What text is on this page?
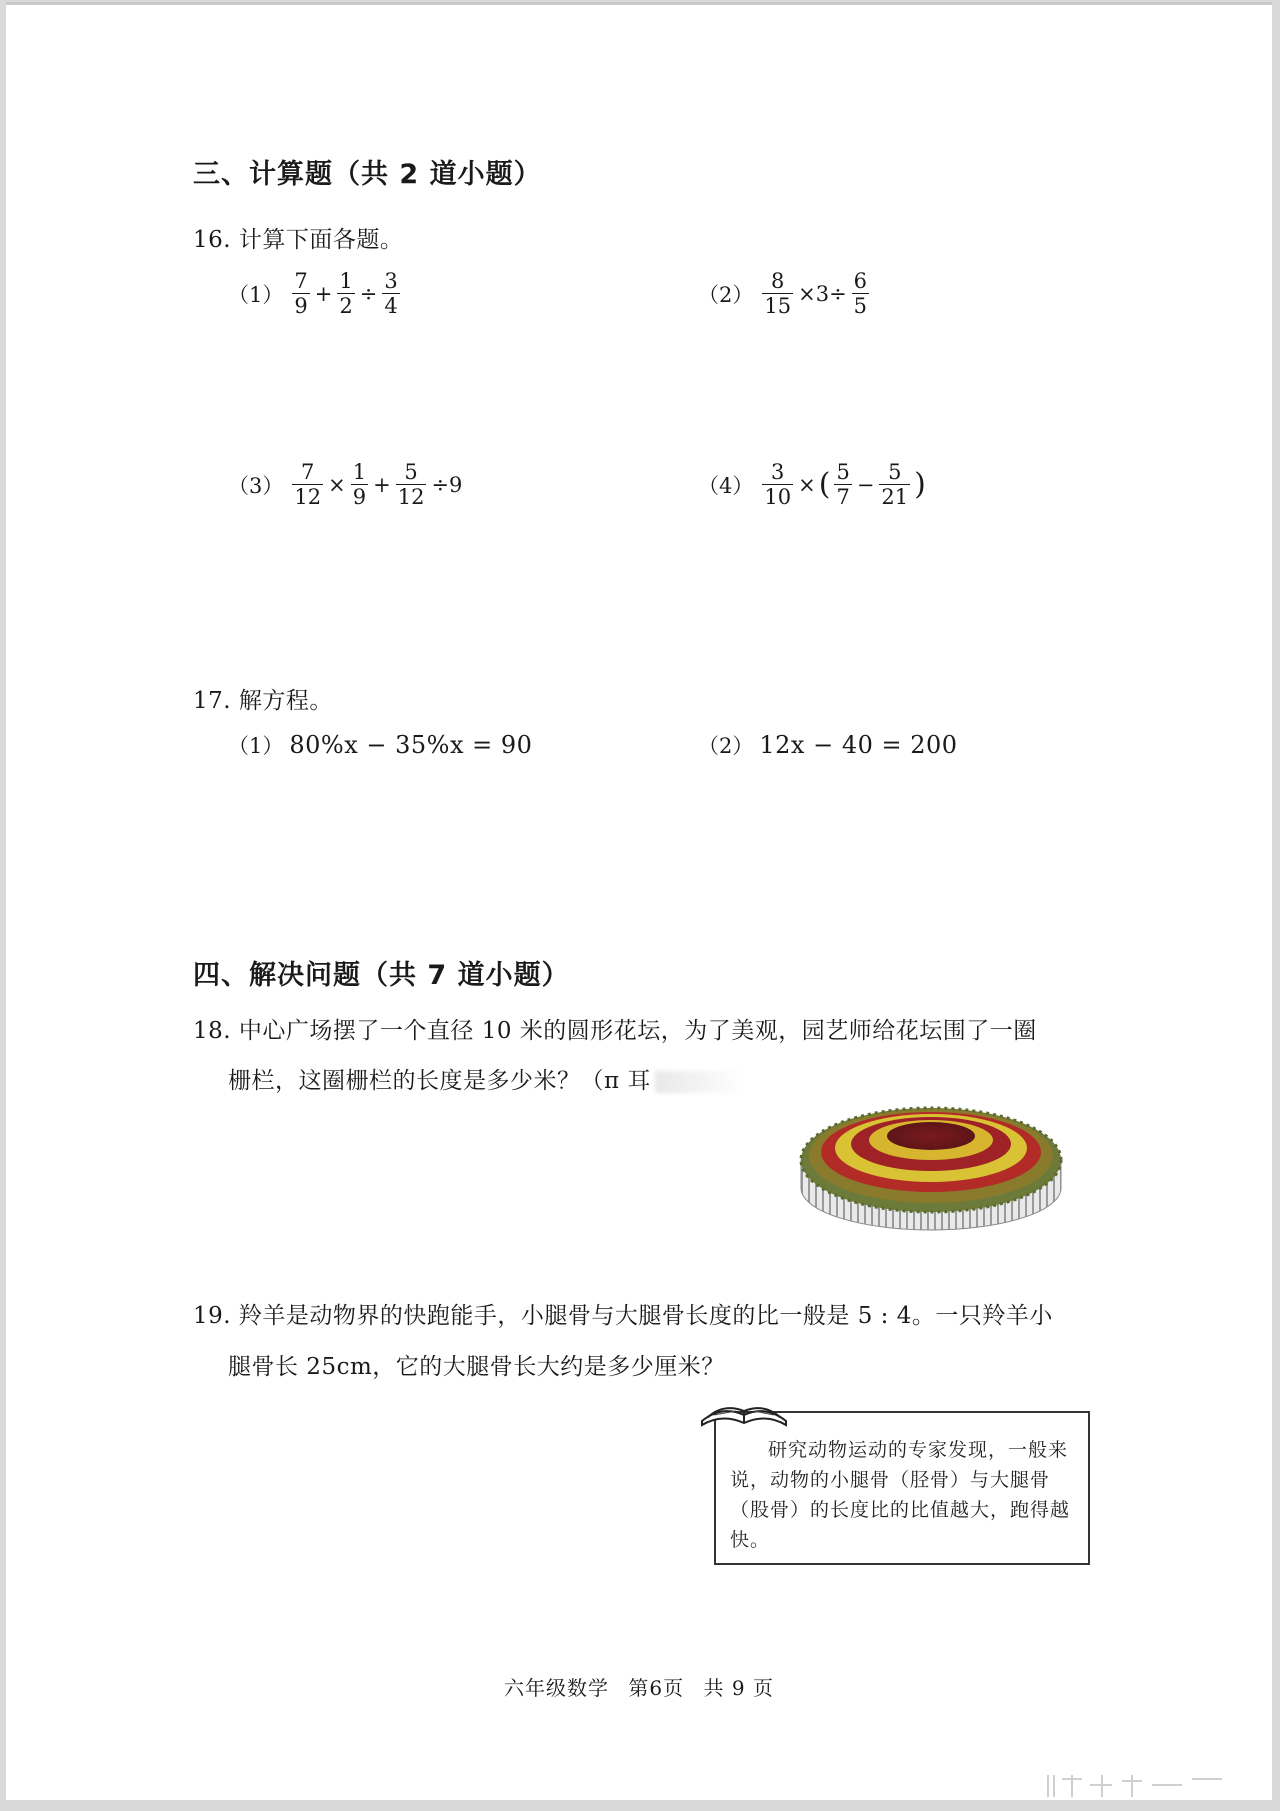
三、计算题（共 2 道小题）
16. 计算下面各题。
$(1) \frac{7}{9} + \frac{1}{2} \div \frac{3}{4}$	$(2) \frac{8}{15} \times 3\div \frac{6}{5}$
$(3) \frac{7}{12} \times \frac{1}{9} + \frac{5}{12} \div 9$	$(4) \frac{3}{10}$ × ( $\frac{5}{7} - \frac{5}{21}$ )
17. 解方程。
（1） 80%x − 35%x = 90	（2） 12x − 40 = 200
四、解决问题（共 7 道小题）
18. 中心广场摆了一个直径 10 米的圆形花坛，为了美观，园艺师给花坛围了一圈
栅栏，这圈栅栏的长度是多少米？（π 耳
19. 羚羊是动物界的快跑能手，小腿骨与大腿骨长度的比一般是 5 : 4。一只羚羊小
腿骨长 25cm，它的大腿骨长大约是多少厘米？
研究动物运动的专家发现，一般来说，动物的小腿骨（胫骨）与大腿骨（股骨）的长度比的比值越大，跑得越快。
六年级数学 第6页 共 9 页
